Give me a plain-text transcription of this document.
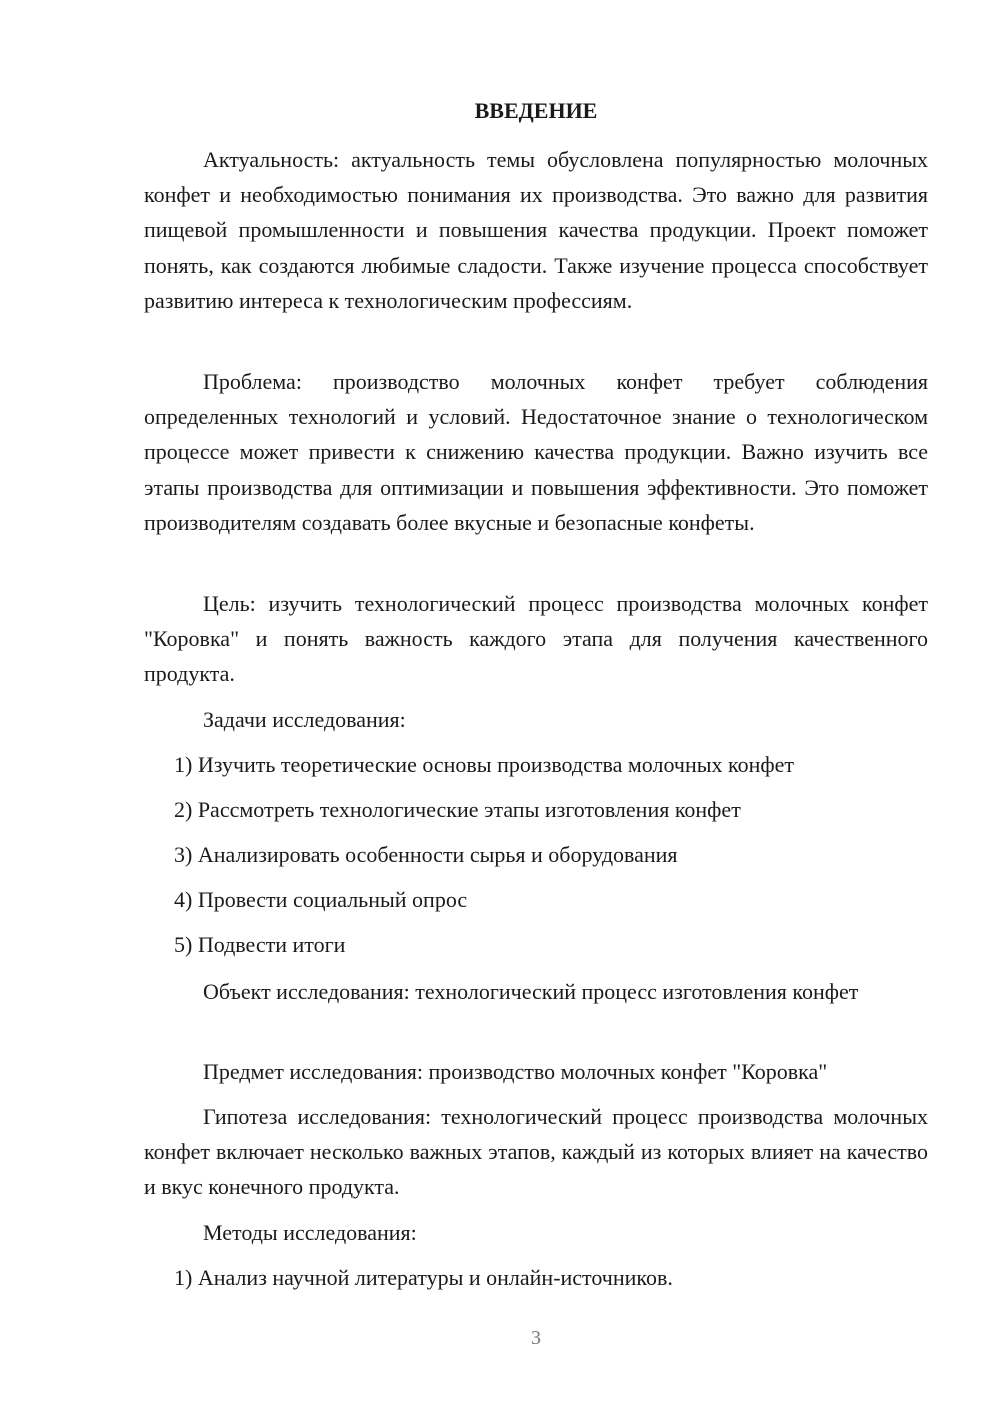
ВВЕДЕНИЕ

Актуальность: актуальность темы обусловлена популярностью молочных конфет и необходимостью понимания их производства. Это важно для развития пищевой промышленности и повышения качества продукции. Проект поможет понять, как создаются любимые сладости. Также изучение процесса способствует развитию интереса к технологическим профессиям.

Проблема: производство молочных конфет требует соблюдения определенных технологий и условий. Недостаточное знание о технологическом процессе может привести к снижению качества продукции. Важно изучить все этапы производства для оптимизации и повышения эффективности. Это поможет производителям создавать более вкусные и безопасные конфеты.

Цель: изучить технологический процесс производства молочных конфет "Коровка" и понять важность каждого этапа для получения качественного продукта.

Задачи исследования:

1) Изучить теоретические основы производства молочных конфет

2) Рассмотреть технологические этапы изготовления конфет

3) Анализировать особенности сырья и оборудования

4) Провести социальный опрос

5) Подвести итоги

Объект исследования: технологический процесс изготовления конфет

Предмет исследования: производство молочных конфет "Коровка"

Гипотеза исследования: технологический процесс производства молочных конфет включает несколько важных этапов, каждый из которых влияет на качество и вкус конечного продукта.

Методы исследования:

1) Анализ научной литературы и онлайн-источников.

3
